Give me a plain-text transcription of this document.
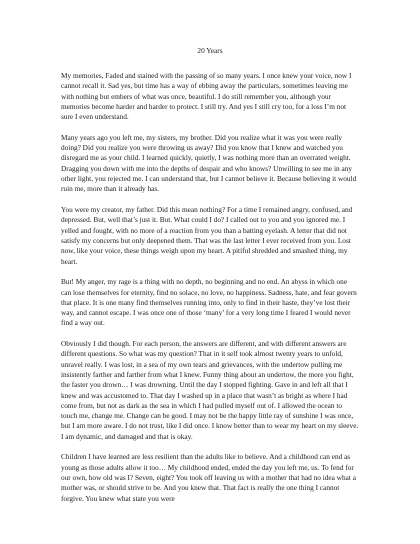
20 Years

My memories, Faded and stained with the passing of so many years. I once knew your voice, now I cannot recall it. Sad yes, but time has a way of ebbing away the particulars, sometimes leaving me with nothing but embers of what was once, beautiful. I do still remember you, although your memories become harder and harder to protect. I still try. And yes I still cry too, for a loss I’m not sure I even understand.

Many years ago you left me, my sisters, my brother. Did you realize what it was you were really doing? Did you realize you were throwing us away? Did you know that I knew and watched you disregard me as your child. I learned quickly, quietly, I was nothing more than an overrated weight. Dragging you down with me into the depths of despair and who knows? Unwilling to see me in any other light, you rejected me. I can understand that, but I cannot believe it. Because believing it would ruin me, more than it already has.

You were my creator, my father. Did this mean nothing? For a time I remained angry, confused, and depressed. But, well that’s just it. But. What could I do? I called out to you and you ignored me. I yelled and fought, with no more of a reaction from you than a batting eyelash. A letter that did not satisfy my concerns but only deepened them. That was the last letter I ever received from you. Lost now, like your voice, these things weigh upon my heart. A pitiful shredded and smashed thing, my heart.

But! My anger, my rage is a thing with no depth, no beginning and no end. An abyss in which one can lose themselves for eternity, find no solace, no love, no happiness. Sadness, hate, and fear govern that place. It is one many find themselves running into, only to find in their haste, they’ve lost their way, and cannot escape. I was once one of those ‘many’ for a very long time I feared I would never find a way out.

Obviously I did though. For each person, the answers are different, and with different answers are different questions. So what was my question? That in it self took almost twenty years to unfold, unravel really. I was lost, in a sea of my own tears and grievances, with the undertow pulling me insistently farther and farther from what I knew. Funny thing about an undertow, the more you fight, the faster you drown… I was drowning. Until the day I stopped fighting. Gave in and left all that I knew and was accustomed to. That day I washed up in a place that wasn’t as bright as where I had come from, but not as dark as the sea in which I had pulled myself out of. I allowed the ocean to touch me, change me. Change can be good. I may not be the happy little ray of sunshine I was once, but I am more aware. I do not trust, like I did once. I know better than to wear my heart on my sleeve. I am dynamic, and damaged and that is okay.

Children I have learned are less resilient than the adults like to believe. And a childhood can end as young as those adults allow it too… My childhood ended, ended the day you left me, us. To fend for our own, how old was I? Seven, eight? You took off leaving us with a mother that had no idea what a mother was, or should strive to be. And you knew that. That fact is really the one thing I cannot forgive. You knew what state you were
